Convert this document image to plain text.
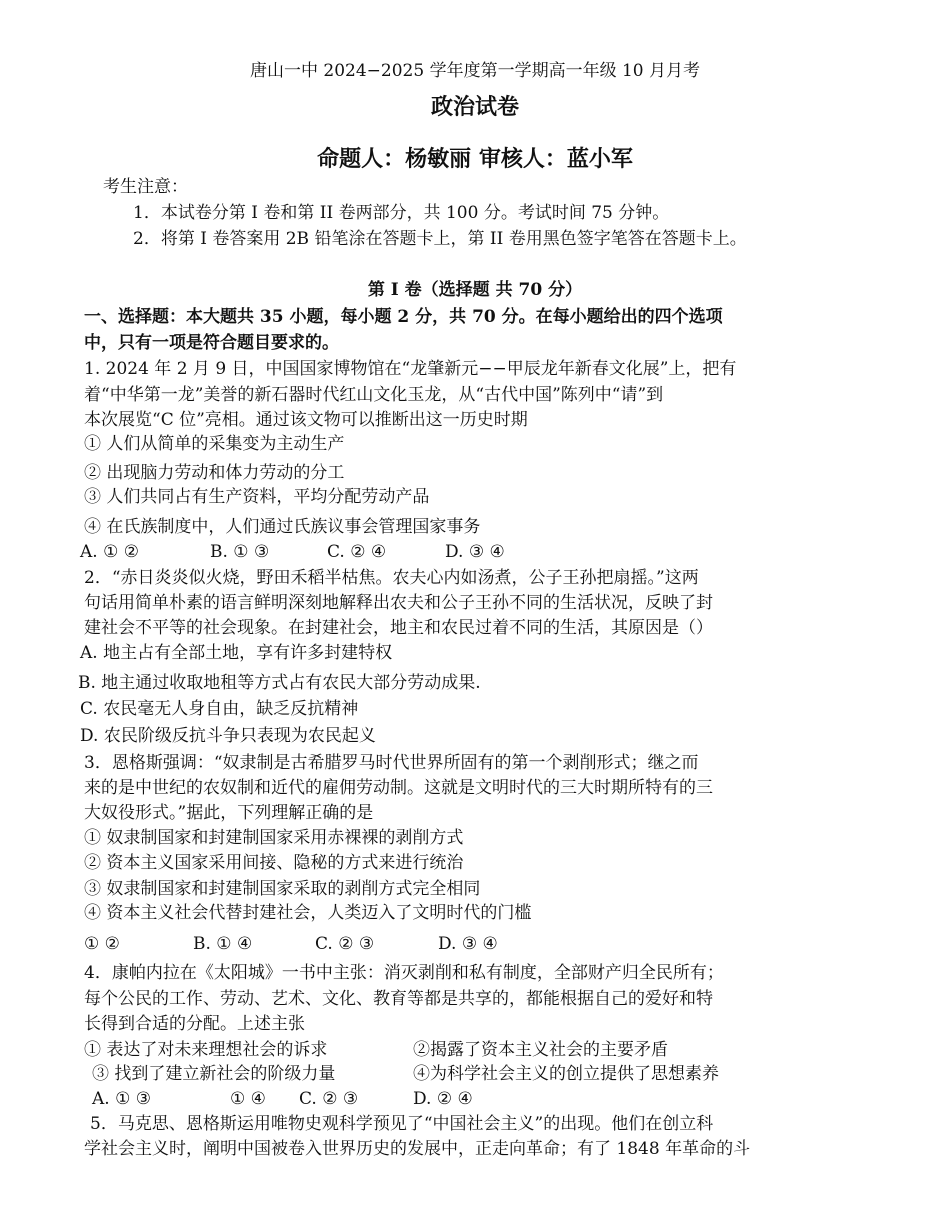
唐山一中 2024−2025 学年度第一学期高一年级 10 月月考
政治试卷
命题人：杨敏丽 审核人：蓝小军
考生注意：
1．本试卷分第 I 卷和第 II 卷两部分，共 100 分。考试时间 75 分钟。
2．将第 I 卷答案用 2B 铅笔涂在答题卡上，第 II 卷用黑色签字笔答在答题卡上。
第 I 卷（选择题 共 70 分）
一、选择题：本大题共 35 小题，每小题 2 分，共 70 分。在每小题给出的四个选项
中，只有一项是符合题目要求的。
1. 2024 年 2 月 9 日，中国国家博物馆在“龙肇新元−−甲辰龙年新春文化展”上，把有
着“中华第一龙”美誉的新石器时代红山文化玉龙，从“古代中国”陈列中“请”到
本次展览“C 位”亮相。通过该文物可以推断出这一历史时期
① 人们从简单的采集变为主动生产
② 出现脑力劳动和体力劳动的分工
③ 人们共同占有生产资料，平均分配劳动产品
④ 在氏族制度中，人们通过氏族议事会管理国家事务
A. ① ②	B. ① ③	C. ② ④	D. ③ ④
2．“赤日炎炎似火烧，野田禾稻半枯焦。农夫心内如汤煮，公子王孙把扇摇。”这两
句话用简单朴素的语言鲜明深刻地解释出农夫和公子王孙不同的生活状况，反映了封
建社会不平等的社会现象。在封建社会，地主和农民过着不同的生活，其原因是（）
A. 地主占有全部土地，享有许多封建特权
B. 地主通过收取地租等方式占有农民大部分劳动成果.
C. 农民毫无人身自由，缺乏反抗精神
D. 农民阶级反抗斗争只表现为农民起义
3．恩格斯强调：“奴隶制是古希腊罗马时代世界所固有的第一个剥削形式；继之而
来的是中世纪的农奴制和近代的雇佣劳动制。这就是文明时代的三大时期所特有的三
大奴役形式。”据此，下列理解正确的是
① 奴隶制国家和封建制国家采用赤裸裸的剥削方式
② 资本主义国家采用间接、隐秘的方式来进行统治
③ 奴隶制国家和封建制国家采取的剥削方式完全相同
④ 资本主义社会代替封建社会，人类迈入了文明时代的门槛
① ②	B. ① ④	C. ② ③	D. ③ ④
4．康帕内拉在《太阳城》一书中主张：消灭剥削和私有制度，全部财产归全民所有；
每个公民的工作、劳动、艺术、文化、教育等都是共享的，都能根据自己的爱好和特
长得到合适的分配。上述主张
① 表达了对未来理想社会的诉求	②揭露了资本主义社会的主要矛盾
③ 找到了建立新社会的阶级力量	④为科学社会主义的创立提供了思想素养
A. ① ③	① ④ C. ② ③	D. ② ④
5．马克思、恩格斯运用唯物史观科学预见了“中国社会主义”的出现。他们在创立科
学社会主义时，阐明中国被卷入世界历史的发展中，正走向革命；有了 1848 年革命的斗
